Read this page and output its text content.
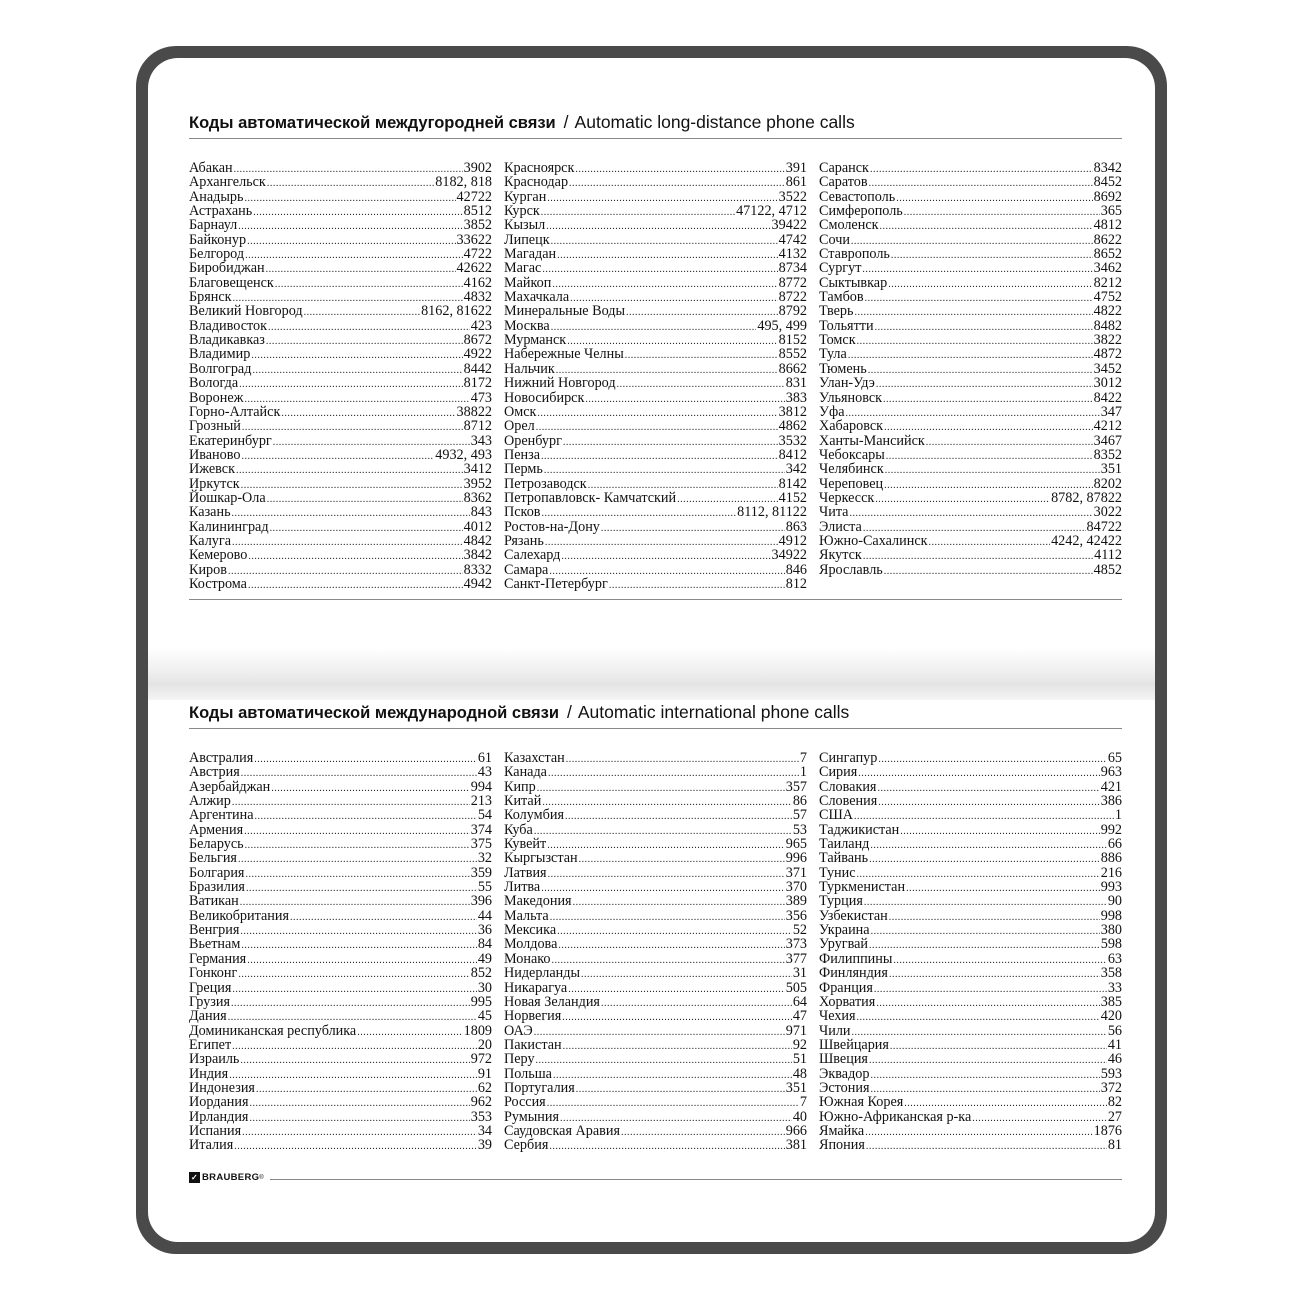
Коды автоматической междугородней связи / Automatic long-distance phone calls
Абакан .....	3902
Архангельск .....	8182, 818
Анадырь .....	42722
Астрахань .....	8512
Барнаул .....	3852
Байконур .....	33622
Белгород .....	4722
Биробиджан .....	42622
Благовещенск .....	4162
Брянск .....	4832
Великий Новгород .....	8162, 81622
Владивосток .....	423
Владикавказ .....	8672
Владимир .....	4922
Волгоград .....	8442
Вологда .....	8172
Воронеж .....	473
Горно-Алтайск .....	38822
Грозный .....	8712
Екатеринбург .....	343
Иваново .....	4932, 493
Ижевск .....	3412
Иркутск .....	3952
Йошкар-Ола .....	8362
Казань .....	843
Калининград .....	4012
Калуга .....	4842
Кемерово .....	3842
Киров .....	8332
Кострома .....	4942
Красноярск .....	391
Краснодар .....	861
Курган .....	3522
Курск .....	47122, 4712
Кызыл .....	39422
Липецк .....	4742
Магадан .....	4132
Магас .....	8734
Майкоп .....	8772
Махачкала .....	8722
Минеральные Воды .....	8792
Москва .....	495, 499
Мурманск .....	8152
Набережные Челны .....	8552
Нальчик .....	8662
Нижний Новгород .....	831
Новосибирск .....	383
Омск .....	3812
Орел .....	4862
Оренбург .....	3532
Пенза .....	8412
Пермь .....	342
Петрозаводск .....	8142
Петропавловск- Камчатский .....	4152
Псков .....	8112, 81122
Ростов-на-Дону .....	863
Рязань .....	4912
Салехард .....	34922
Самара .....	846
Санкт-Петербург .....	812
Саранск .....	8342
Саратов .....	8452
Севастополь .....	8692
Симферополь .....	365
Смоленск .....	4812
Сочи .....	8622
Ставрополь .....	8652
Сургут .....	3462
Сыктывкар .....	8212
Тамбов .....	4752
Тверь .....	4822
Тольятти .....	8482
Томск .....	3822
Тула .....	4872
Тюмень .....	3452
Улан-Удэ .....	3012
Ульяновск .....	8422
Уфа .....	347
Хабаровск .....	4212
Ханты-Мансийск .....	3467
Чебоксары .....	8352
Челябинск .....	351
Череповец .....	8202
Черкесск .....	8782, 87822
Чита .....	3022
Элиста .....	84722
Южно-Сахалинск .....	4242, 42422
Якутск .....	4112
Ярославль .....	4852
Коды автоматической международной связи / Automatic international phone calls
Австралия .....	61
Австрия .....	43
Азербайджан .....	994
Алжир .....	213
Аргентина .....	54
Армения .....	374
Беларусь .....	375
Бельгия .....	32
Болгария .....	359
Бразилия .....	55
Ватикан .....	396
Великобритания .....	44
Венгрия .....	36
Вьетнам .....	84
Германия .....	49
Гонконг .....	852
Греция .....	30
Грузия .....	995
Дания .....	45
Доминиканская республика .....	1809
Египет .....	20
Израиль .....	972
Индия .....	91
Индонезия .....	62
Иордания .....	962
Ирландия .....	353
Испания .....	34
Италия .....	39
Казахстан .....	7
Канада .....	1
Кипр .....	357
Китай .....	86
Колумбия .....	57
Куба .....	53
Кувейт .....	965
Кыргызстан .....	996
Латвия .....	371
Литва .....	370
Македония .....	389
Мальта .....	356
Мексика .....	52
Молдова .....	373
Монако .....	377
Нидерланды .....	31
Никарагуа .....	505
Новая Зеландия .....	64
Норвегия .....	47
ОАЭ .....	971
Пакистан .....	92
Перу .....	51
Польша .....	48
Португалия .....	351
Россия .....	7
Румыния .....	40
Саудовская Аравия .....	966
Сербия .....	381
Сингапур .....	65
Сирия .....	963
Словакия .....	421
Словения .....	386
США .....	1
Таджикистан .....	992
Таиланд .....	66
Тайвань .....	886
Тунис .....	216
Туркменистан .....	993
Турция .....	90
Узбекистан .....	998
Украина .....	380
Уругвай .....	598
Филиппины .....	63
Финляндия .....	358
Франция .....	33
Хорватия .....	385
Чехия .....	420
Чили .....	56
Швейцария .....	41
Швеция .....	46
Эквадор .....	593
Эстония .....	372
Южная Корея .....	82
Южно-Африканская р-ка .....	27
Ямайка .....	1876
Япония .....	81
✓ BRAUBERG ®
